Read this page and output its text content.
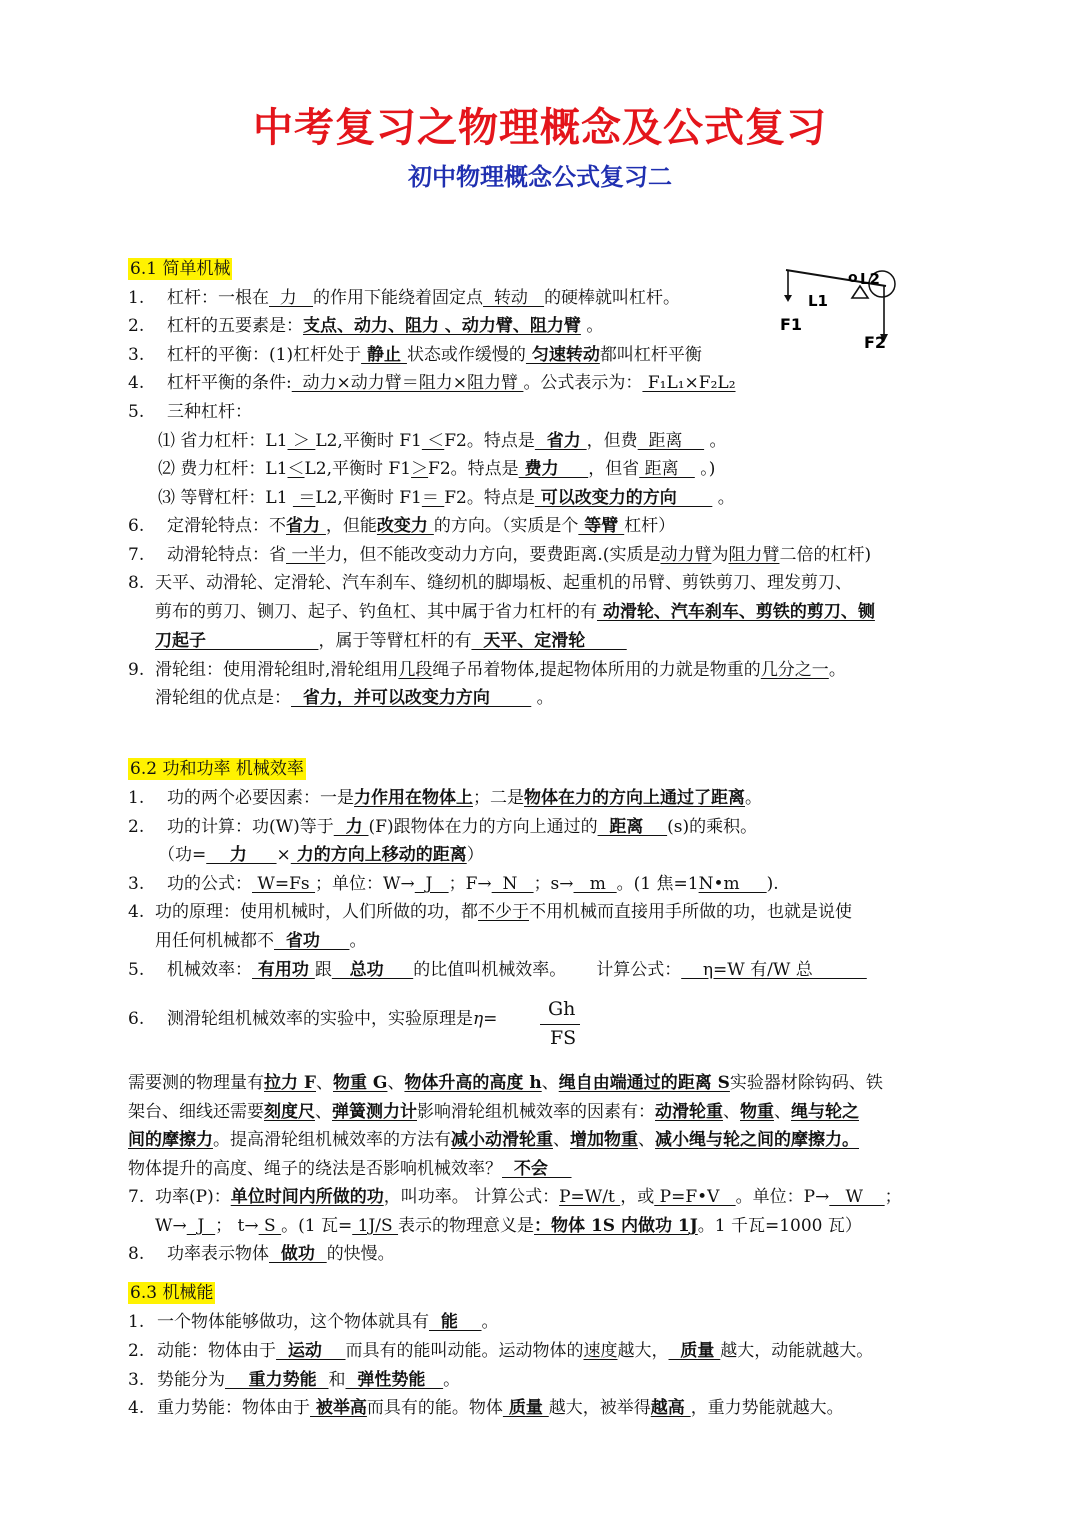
中考复习之物理概念及公式复习
初中物理概念公式复习二
6.1 简单机械
L1
o L2
F1
F2
1. 杠杆：一根在  力   的作用下能绕着固定点  转动   的硬棒就叫杠杆。
2. 杠杆的五要素是：支点、动力、阻力 、动力臂、阻力臂 。
3. 杠杆的平衡：(1)杠杆处于 静止 状态或作缓慢的 匀速转动都叫杠杆平衡
4. 杠杆平衡的条件:  动力×动力臂＝阻力×阻力臂 。公式表示为： F₁L₁×F₂L₂
5. 三种杠杆：
⑴ 省力杠杆：L1 ＞ L2,平衡时 F1 ＜F2。特点是  省力 ，但费  距离     。
⑵ 费力杠杆：L1＜L2,平衡时 F1＞F2。特点是 费力     ，但省 距离    。)
⑶ 等臂杠杆：L1  ＝L2,平衡时 F1＝ F2。特点是 可以改变力的方向       。
6. 定滑轮特点：不省力 ，但能改变力 的方向。（实质是个 等臂 杠杆）
7. 动滑轮特点：省 一半力，但不能改变动力方向，要费距离.(实质是动力臂为阻力臂二倍的杠杆)
8. 天平、动滑轮、定滑轮、汽车刹车、缝纫机的脚塌板、起重机的吊臂、剪铁剪刀、理发剪刀、
剪布的剪刀、铡刀、起子、钓鱼杠、其中属于省力杠杆的有 动滑轮、汽车刹车、剪铁的剪刀、铡
刀起子                   ，属于等臂杠杆的有  天平、定滑轮
9. 滑轮组：使用滑轮组时,滑轮组用几段绳子吊着物体,提起物体所用的力就是物重的几分之一。
滑轮组的优点是：  省力，并可以改变力方向        。
6.2 功和功率 机械效率
1. 功的两个必要因素：一是力作用在物体上；二是物体在力的方向上通过了距离。
2. 功的计算：功(W)等于  力 (F)跟物体在力的方向上通过的  距离    (s)的乘积。
（功=    力     × 力的方向上移动的距离）
3. 功的公式： W=Fs ；单位：W→  J   ；F→  N   ；s→   m  。(1 焦=1N•m     ).
4. 功的原理：使用机械时，人们所做的功，都不少于不用机械而直接用手所做的功，也就是说使
用任何机械都不  省功     。
5. 机械效率： 有用功 跟   总功     的比值叫机械效率。 计算公式：    η=W 有/W 总
6. 测滑轮组机械效率的实验中，实验原理是η=	Gh
FS
需要测的物理量有拉力 F、物重 G、物体升高的高度 h、绳自由端通过的距离 S实验器材除钩码、铁
架台、细线还需要刻度尺、弹簧测力计影响滑轮组机械效率的因素有：动滑轮重、物重、绳与轮之
间的摩擦力。提高滑轮组机械效率的方法有减小动滑轮重、增加物重、减小绳与轮之间的摩擦力。
物体提升的高度、绳子的绕法是否影响机械效率？  不会
7. 功率(P)：单位时间内所做的功，叫功率。 计算公式：P=W/t ，或 P=F•V   。单位：P→   W    ；
W→  J  ； t→ S 。(1 瓦= 1J/S 表示的物理意义是：物体 1S 内做功 1J。1 千瓦=1000 瓦）
8. 功率表示物体  做功  的快慢。
6.3 机械能
1. 一个物体能够做功，这个物体就具有  能    。
2. 动能：物体由于  运动    而具有的能叫动能。运动物体的速度越大，  质量 越大，动能就越大。
3. 势能分为    重力势能  和  弹性势能   。
4. 重力势能：物体由于 被举高而具有的能。物体 质量 越大，被举得越高 ，重力势能就越大。
